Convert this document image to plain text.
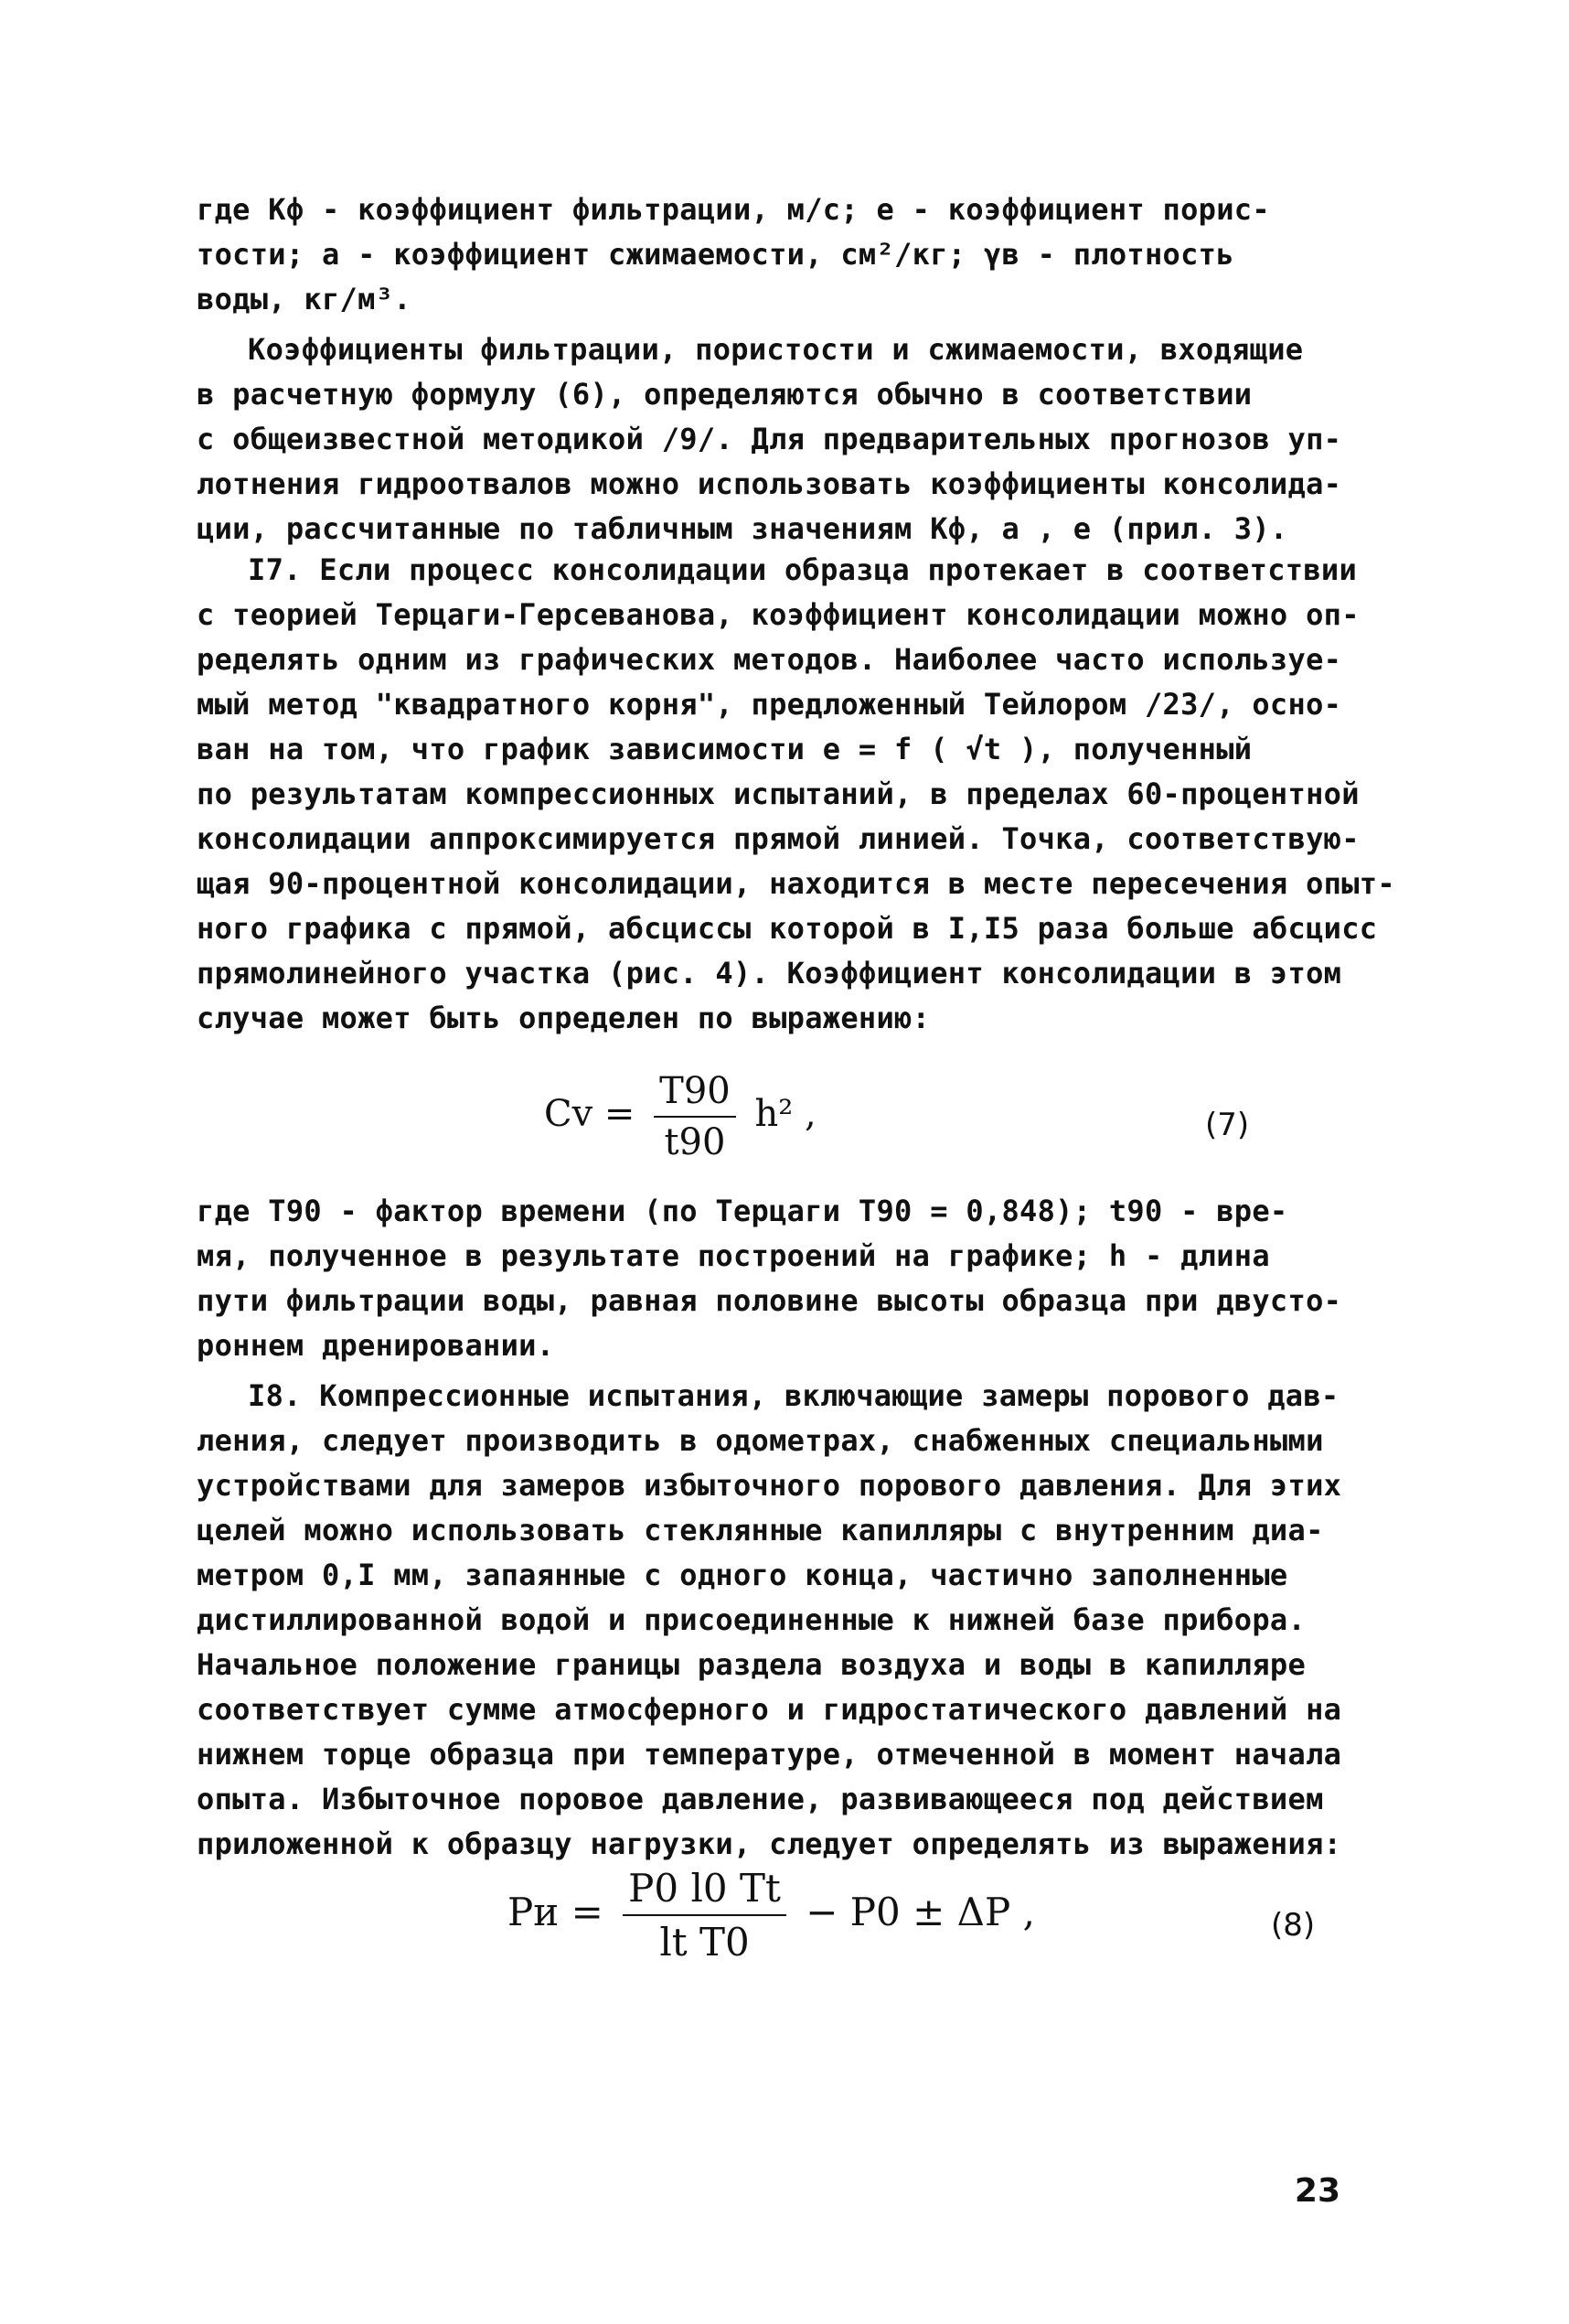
где Kф - коэффициент фильтрации, м/с; e - коэффициент порис-
тости; a - коэффициент сжимаемости, см²/кг; γв - плотность
воды, кг/м³.
Коэффициенты фильтрации, пористости и сжимаемости, входящие
в расчетную формулу (6), определяются обычно в соответствии
с общеизвестной методикой /9/. Для предварительных прогнозов уп-
лотнения гидроотвалов можно использовать коэффициенты консолида-
ции, рассчитанные по табличным значениям Kф, a , e (прил. 3).
I7. Если процесс консолидации образца протекает в соответствии
с теорией Терцаги-Герсеванова, коэффициент консолидации можно оп-
ределять одним из графических методов. Наиболее часто используе-
мый метод "квадратного корня", предложенный Тейлором /23/, осно-
ван на том, что график зависимости e = f ( √t ), полученный
по результатам компрессионных испытаний, в пределах 60-процентной
консолидации аппроксимируется прямой линией. Точка, соответствую-
щая 90-процентной консолидации, находится в месте пересечения опыт-
ного графика с прямой, абсциссы которой в I,I5 раза больше абсцисс
прямолинейного участка (рис. 4). Коэффициент консолидации в этом
случае может быть определен по выражению:
$Cv = \frac{T90}{t90} h^2$ ,	(7)
где T90 - фактор времени (по Терцаги T90 = 0,848); t90 - вре-
мя, полученное в результате построений на графике; h - длина
пути фильтрации воды, равная половине высоты образца при двусто-
роннем дренировании.
I8. Компрессионные испытания, включающие замеры порового дав-
ления, следует производить в одометрах, снабженных специальными
устройствами для замеров избыточного порового давления. Для этих
целей можно использовать стеклянные капилляры с внутренним диа-
метром 0,I мм, запаянные с одного конца, частично заполненные
дистиллированной водой и присоединенные к нижней базе прибора.
Начальное положение границы раздела воздуха и воды в капилляре
соответствует сумме атмосферного и гидростатического давлений на
нижнем торце образца при температуре, отмеченной в момент начала
опыта. Избыточное поровое давление, развивающееся под действием
приложенной к образцу нагрузки, следует определять из выражения:
Pи = $\frac{P0 l0 Tt}{\text{lt T0}} - P0 \pm \Delta P$ ,	(8)
23
